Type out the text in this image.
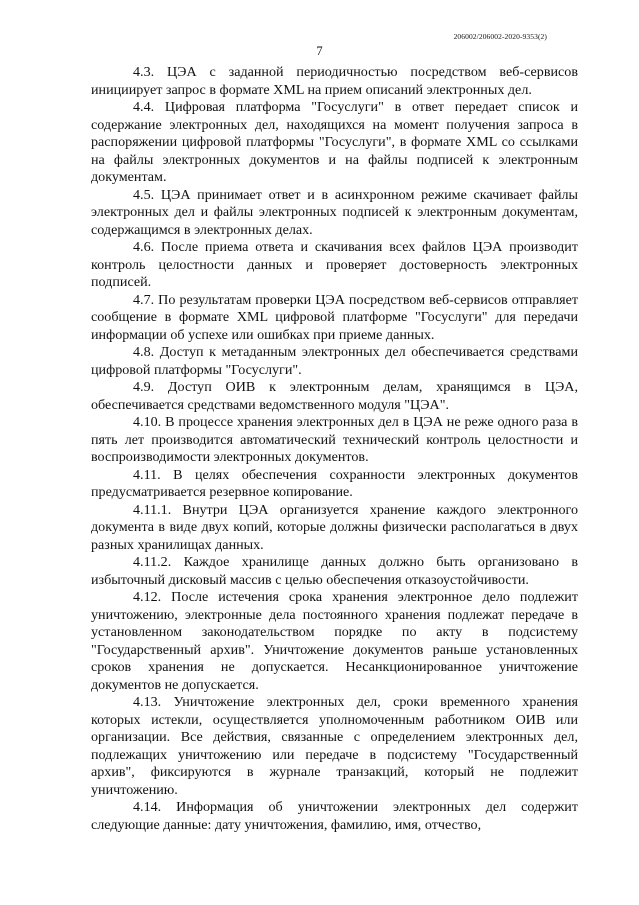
206002/206002-2020-9353(2)
7

4.3. ЦЭА с заданной периодичностью посредством веб-сервисов инициирует запрос в формате XML на прием описаний электронных дел.

4.4. Цифровая платформа "Госуслуги" в ответ передает список и содержание электронных дел, находящихся на момент получения запроса в распоряжении цифровой платформы "Госуслуги", в формате XML со ссылками на файлы электронных документов и на файлы подписей к электронным документам.

4.5. ЦЭА принимает ответ и в асинхронном режиме скачивает файлы электронных дел и файлы электронных подписей к электронным документам, содержащимся в электронных делах.

4.6. После приема ответа и скачивания всех файлов ЦЭА производит контроль целостности данных и проверяет достоверность электронных подписей.

4.7. По результатам проверки ЦЭА посредством веб-сервисов отправляет сообщение в формате XML цифровой платформе "Госуслуги" для передачи информации об успехе или ошибках при приеме данных.

4.8. Доступ к метаданным электронных дел обеспечивается средствами цифровой платформы "Госуслуги".

4.9. Доступ ОИВ к электронным делам, хранящимся в ЦЭА, обеспечивается средствами ведомственного модуля "ЦЭА".

4.10. В процессе хранения электронных дел в ЦЭА не реже одного раза в пять лет производится автоматический технический контроль целостности и воспроизводимости электронных документов.

4.11. В целях обеспечения сохранности электронных документов предусматривается резервное копирование.

4.11.1. Внутри ЦЭА организуется хранение каждого электронного документа в виде двух копий, которые должны физически располагаться в двух разных хранилищах данных.

4.11.2. Каждое хранилище данных должно быть организовано в избыточный дисковый массив с целью обеспечения отказоустойчивости.

4.12. После истечения срока хранения электронное дело подлежит уничтожению, электронные дела постоянного хранения подлежат передаче в установленном законодательством порядке по акту в подсистему "Государственный архив". Уничтожение документов раньше установленных сроков хранения не допускается. Несанкционированное уничтожение документов не допускается.

4.13. Уничтожение электронных дел, сроки временного хранения которых истекли, осуществляется уполномоченным работником ОИВ или организации. Все действия, связанные с определением электронных дел, подлежащих уничтожению или передаче в подсистему "Государственный архив", фиксируются в журнале транзакций, который не подлежит уничтожению.

4.14. Информация об уничтожении электронных дел содержит следующие данные: дату уничтожения, фамилию, имя, отчество,
